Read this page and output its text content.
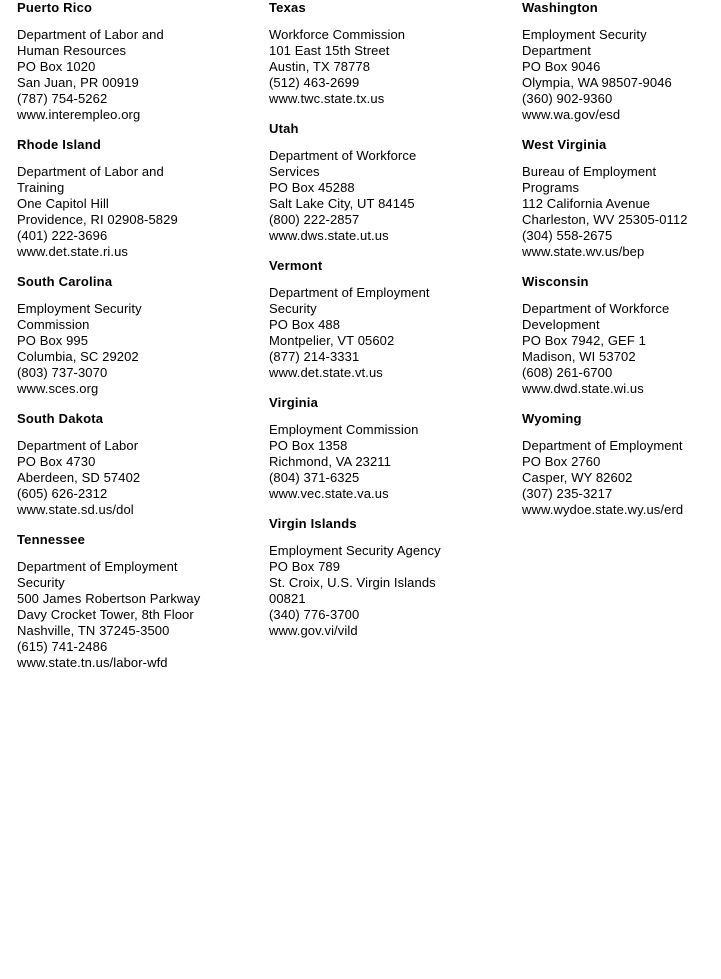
Puerto Rico
Department of Labor and
Human Resources
PO Box 1020
San Juan, PR 00919
(787) 754-5262
www.interempleo.org
Rhode Island
Department of Labor and
Training
One Capitol Hill
Providence, RI 02908-5829
(401) 222-3696
www.det.state.ri.us
South Carolina
Employment Security
Commission
PO Box 995
Columbia, SC 29202
(803) 737-3070
www.sces.org
South Dakota
Department of Labor
PO Box 4730
Aberdeen, SD 57402
(605) 626-2312
www.state.sd.us/dol
Tennessee
Department of Employment
Security
500 James Robertson Parkway
Davy Crocket Tower, 8th Floor
Nashville, TN 37245-3500
(615) 741-2486
www.state.tn.us/labor-wfd
Texas
Workforce Commission
101 East 15th Street
Austin, TX 78778
(512) 463-2699
www.twc.state.tx.us
Utah
Department of Workforce
Services
PO Box 45288
Salt Lake City, UT 84145
(800) 222-2857
www.dws.state.ut.us
Vermont
Department of Employment
Security
PO Box 488
Montpelier, VT 05602
(877) 214-3331
www.det.state.vt.us
Virginia
Employment Commission
PO Box 1358
Richmond, VA 23211
(804) 371-6325
www.vec.state.va.us
Virgin Islands
Employment Security Agency
PO Box 789
St. Croix, U.S. Virgin Islands
00821
(340) 776-3700
www.gov.vi/vild
Washington
Employment Security
Department
PO Box 9046
Olympia, WA 98507-9046
(360) 902-9360
www.wa.gov/esd
West Virginia
Bureau of Employment
Programs
112 California Avenue
Charleston, WV 25305-0112
(304) 558-2675
www.state.wv.us/bep
Wisconsin
Department of Workforce
Development
PO Box 7942, GEF 1
Madison, WI 53702
(608) 261-6700
www.dwd.state.wi.us
Wyoming
Department of Employment
PO Box 2760
Casper, WY 82602
(307) 235-3217
www.wydoe.state.wy.us/erd
